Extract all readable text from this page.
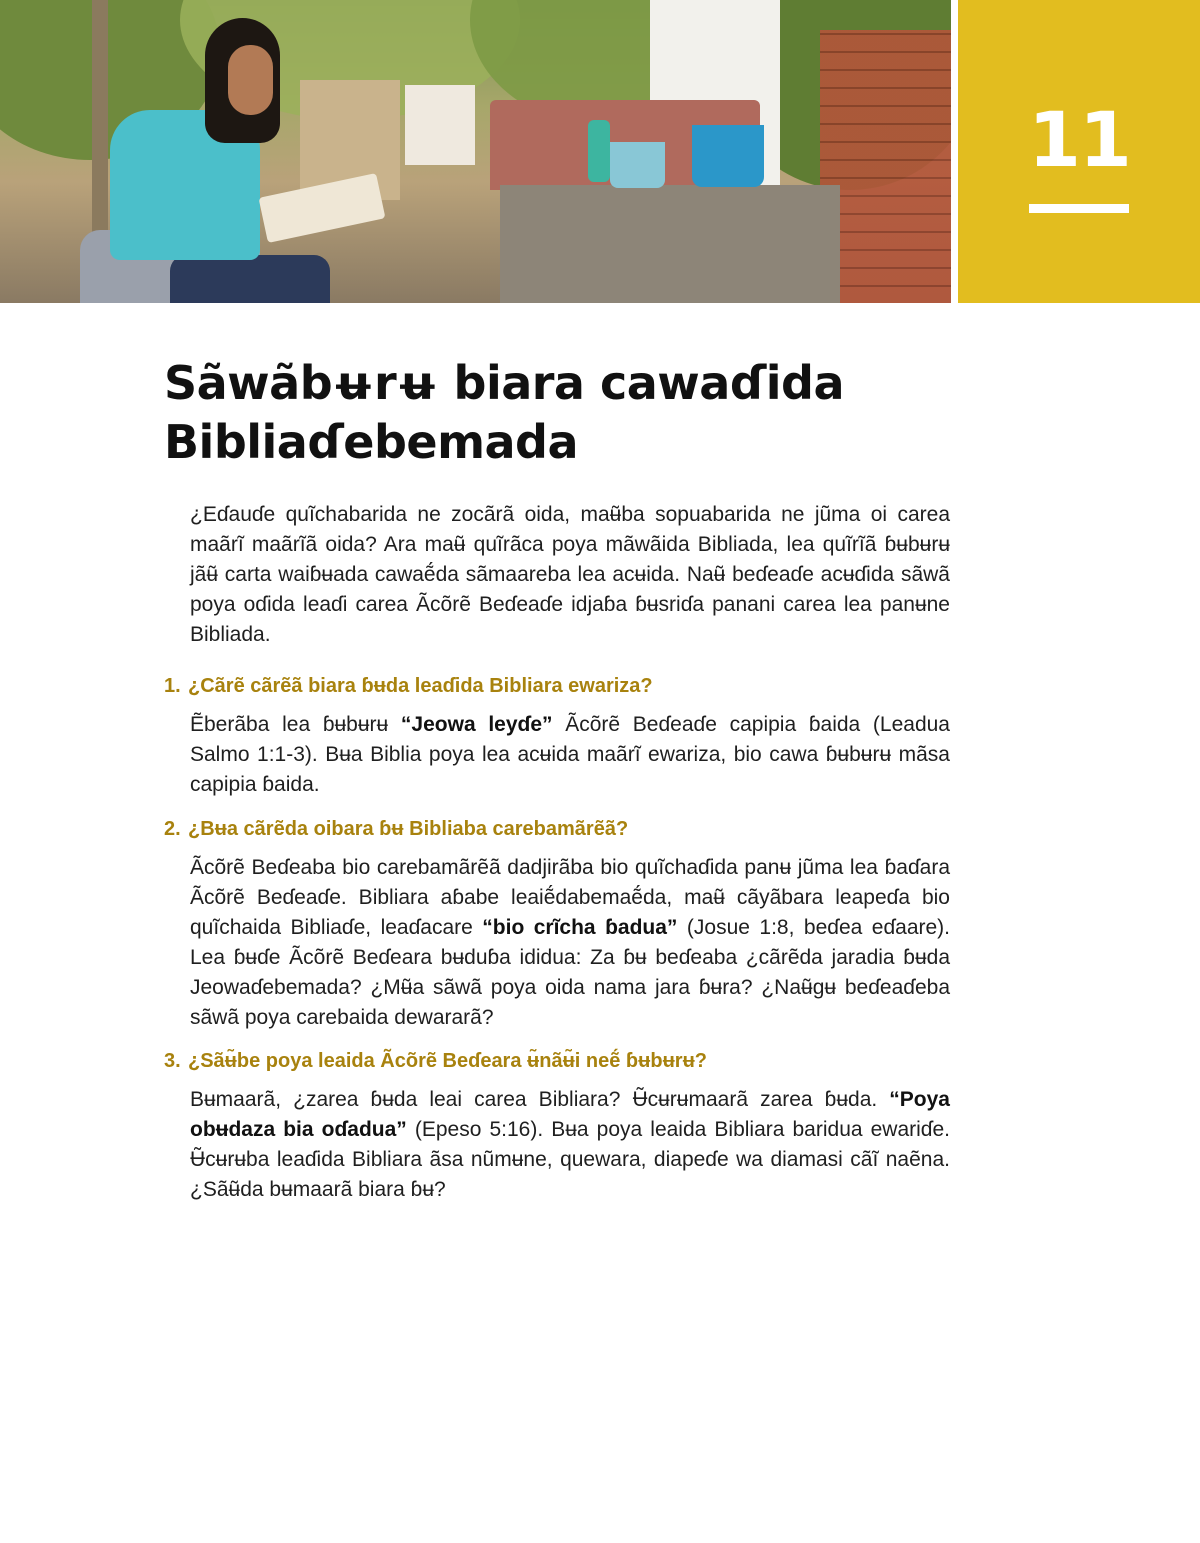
11
Sãwãbʉrʉ biara cawaɗida
Bibliaɗebemada

¿Eɗauɗe quĩchabarida ne zocãrã oida, maʉ̃ba sopuabarida ne jũma oi carea maãrĩ maãrĩã oida? Ara maʉ̃ quĩrãca poya mãwãida Bibliada, lea quĩrĩã ɓʉbʉrʉ jãʉ̃ carta waiɓʉada cawaẽ́da sãmaareba lea acʉida. Naʉ̃ beɗeaɗe acʉɗida sãwã poya oɗida leaɗi carea Ãcõrẽ Beɗeaɗe idjaɓa ɓʉsriɗa panani carea lea panʉne Bibliada.

1. ¿Cãrẽ cãrẽã biara ɓʉda leaɗida Bibliara ewariza?

Ẽberãba lea ɓʉbʉrʉ “Jeowa leyɗe” Ãcõrẽ Beɗeaɗe capipia ɓaida (Leadua Salmo 1:1-3). Bʉa Biblia poya lea acʉida maãrĩ ewariza, bio cawa ɓʉbʉrʉ mãsa capipia ɓaida.

2. ¿Bʉa cãrẽda oibara ɓʉ Bibliaba carebamãrẽã?

Ãcõrẽ Beɗeaba bio carebamãrẽã dadjirãba bio quĩchaɗida panʉ jũma lea ɓaɗara Ãcõrẽ Beɗeaɗe. Bibliara aɓabe leaiẽ́dabemaẽ́da, maʉ̃ cãyãbara leapeɗa bio quĩchaida Bibliaɗe, leaɗacare “bio crĩcha ɓadua” (Josue 1:8, beɗea eɗaare). Lea ɓʉɗe Ãcõrẽ Beɗeara bʉduɓa ididua: Za ɓʉ beɗeaba ¿cãrẽda jaradia ɓʉda Jeowaɗebemada? ¿Mʉ̃a sãwã poya oida nama jara ɓʉra? ¿Naʉ̃gʉ beɗeaɗeba sãwã poya carebaida dewararã?

3. ¿Sãʉ̃be poya leaida Ãcõrẽ Beɗeara ʉ̃nãʉ̃i neẽ́ ɓʉbʉrʉ?

Bʉmaarã, ¿zarea ɓʉda leai carea Bibliara? Ʉ̃cʉrʉmaarã zarea ɓʉda. “Poya obʉdaza bia oɗadua” (Epeso 5:16). Bʉa poya leaida Bibliara baridua ewariɗe. Ʉ̃cʉrʉba leaɗida Bibliara ãsa nũmʉne, quewara, diapeɗe wa diamasi cãĩ naẽna. ¿Sãʉ̃da bʉmaarã biara ɓʉ?
